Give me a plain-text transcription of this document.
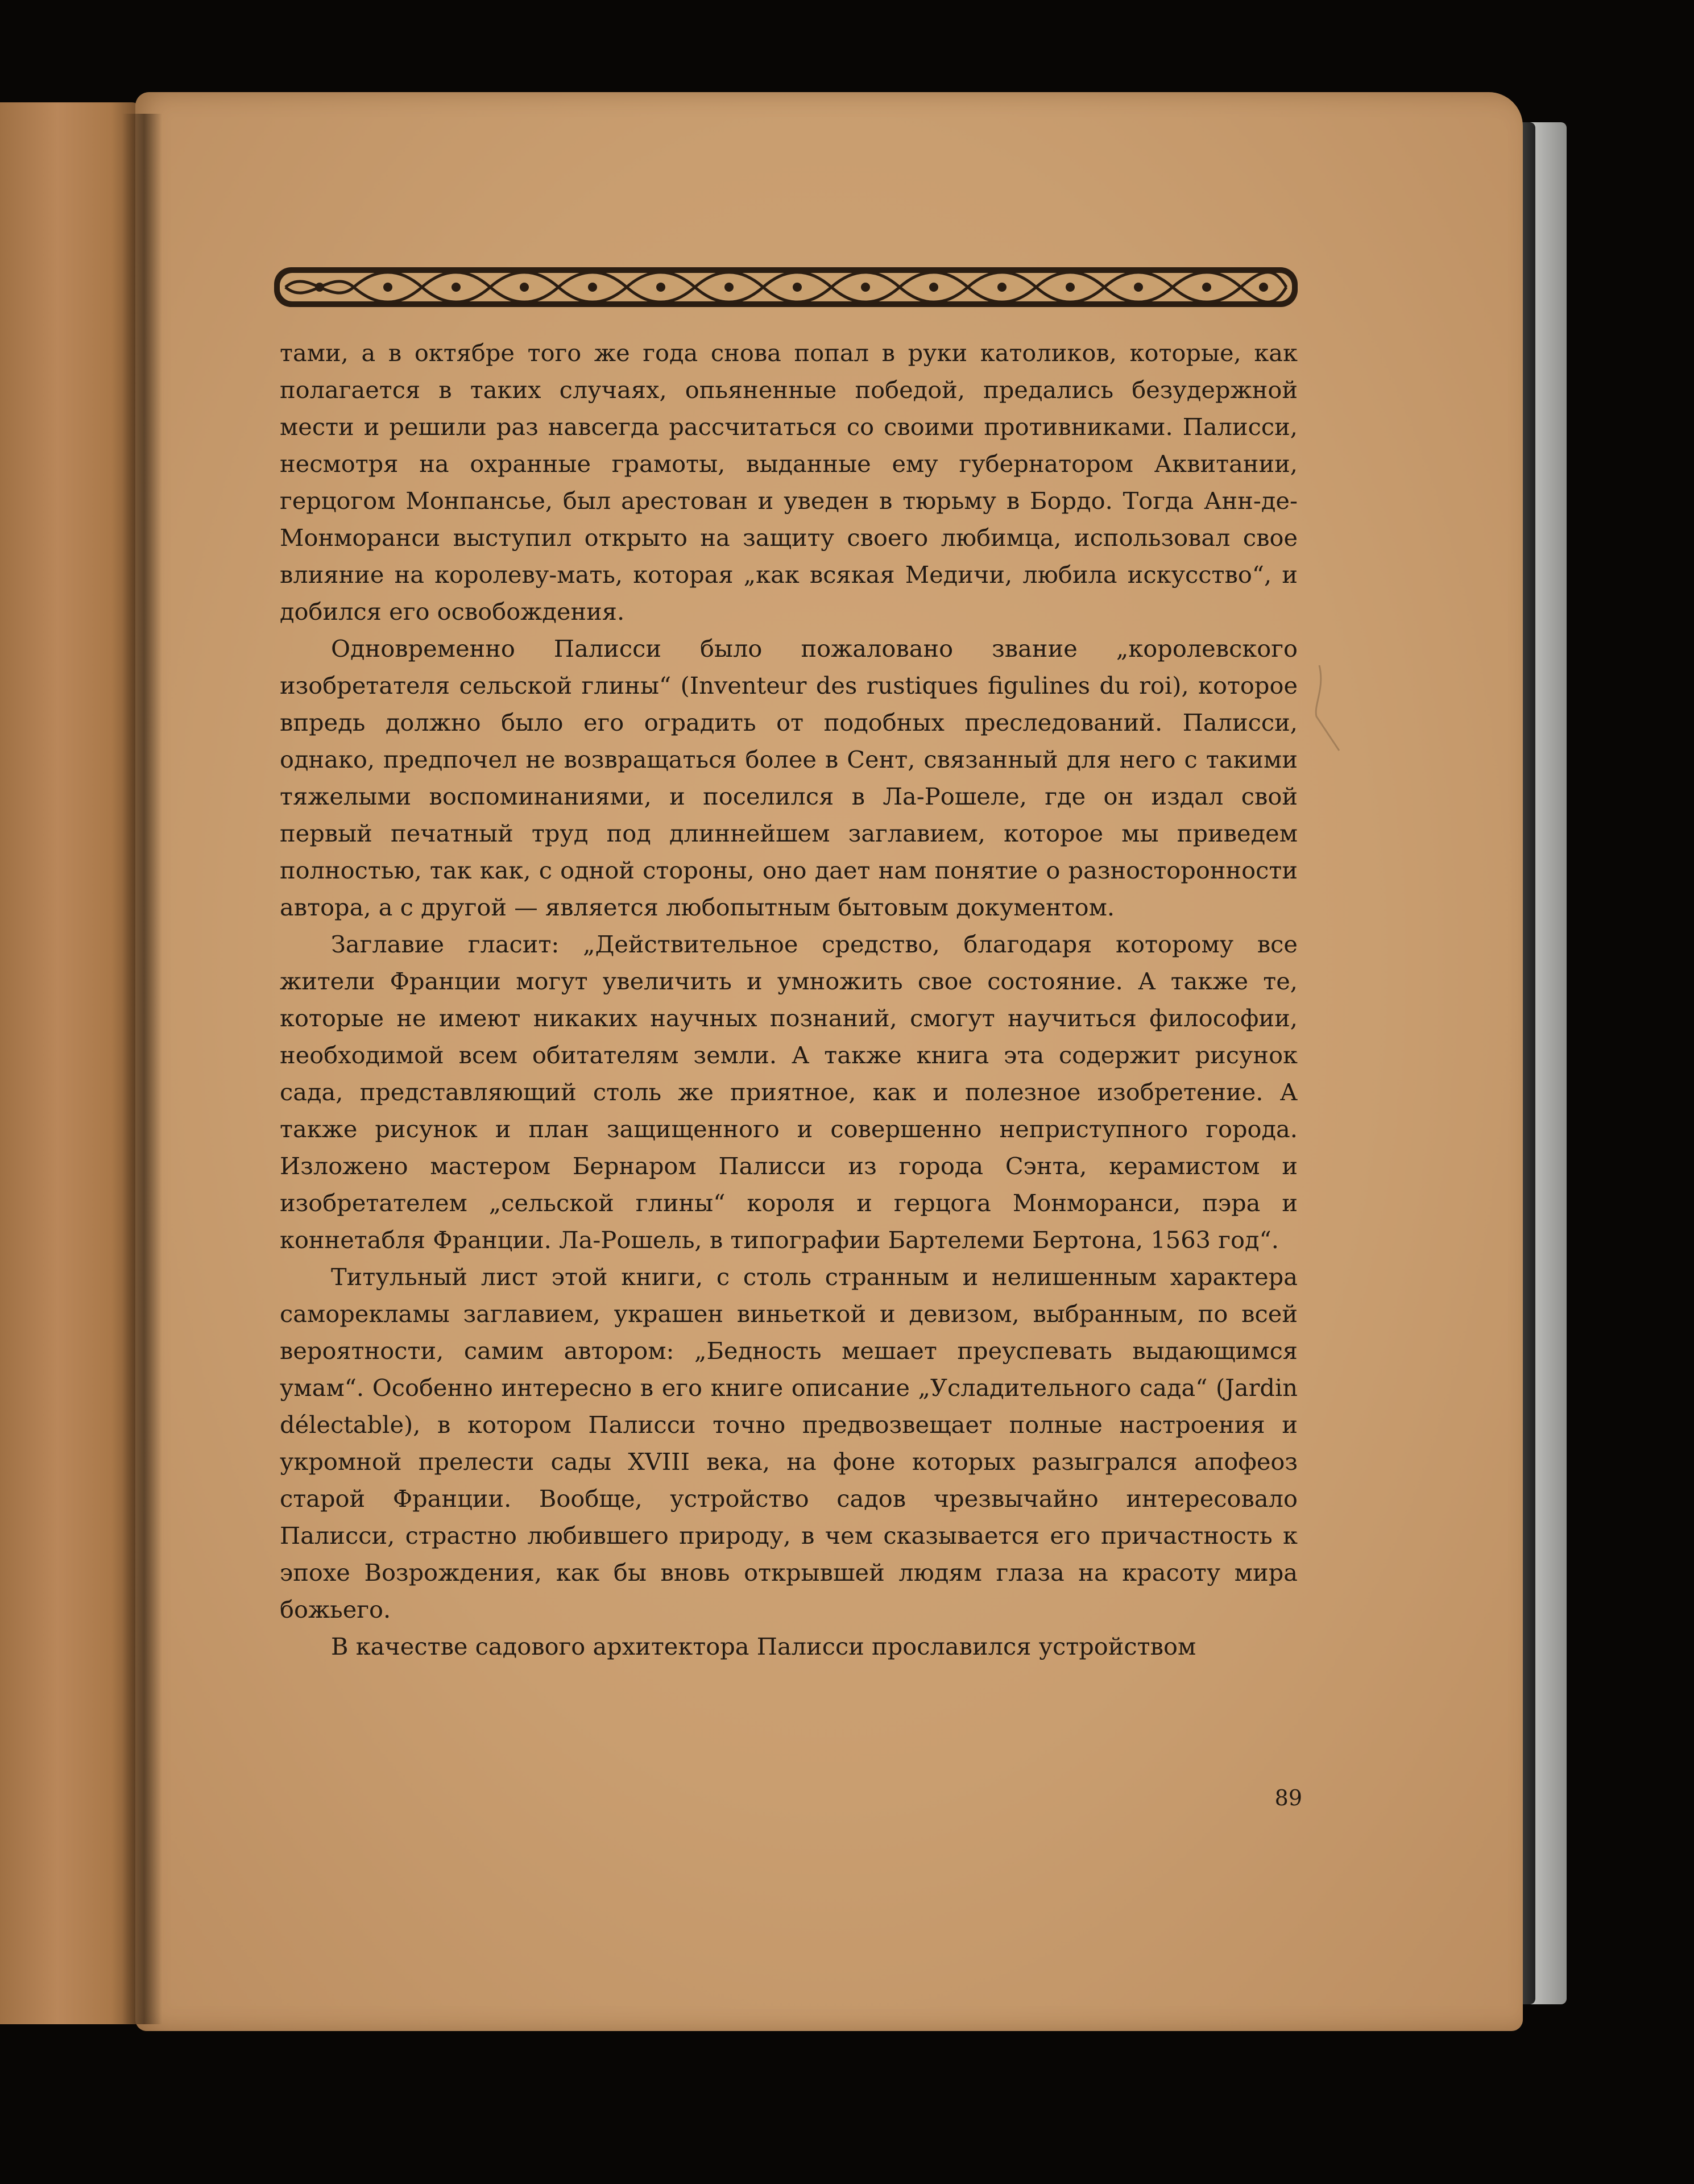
тами, а в октябре того же года снова попал в руки католиков, которые, как полагается в таких случаях, опьяненные победой, предались безудержной мести и решили раз навсегда рассчитаться со своими противниками. Палисси, несмотря на охранные грамоты, выданные ему губернатором Аквитании, герцогом Монпансье, был арестован и уведен в тюрьму в Бордо. Тогда Анн-де-Монморанси выступил открыто на защиту своего любимца, использовал свое влияние на королеву-мать, которая „как всякая Медичи, любила искусство“, и добился его освобождения.

Одновременно Палисси было пожаловано звание „королевского изобретателя сельской глины“ (Inventeur des rustiques figulines du roi), которое впредь должно было его оградить от подобных преследований. Палисси, однако, предпочел не возвращаться более в Сент, связанный для него с такими тяжелыми воспоминаниями, и поселился в Ла-Рошеле, где он издал свой первый печатный труд под длиннейшем заглавием, которое мы приведем полностью, так как, с одной стороны, оно дает нам понятие о разносторонности автора, а с другой — является любопытным бытовым документом.

Заглавие гласит: „Действительное средство, благодаря которому все жители Франции могут увеличить и умножить свое состояние. А также те, которые не имеют никаких научных познаний, смогут научиться философии, необходимой всем обитателям земли. А также книга эта содержит рисунок сада, представляющий столь же приятное, как и полезное изобретение. А также рисунок и план защищенного и совершенно неприступного города. Изложено мастером Бернаром Палисси из города Сэнта, керамистом и изобретателем „сельской глины“ короля и герцога Монморанси, пэра и коннетабля Франции. Ла-Рошель, в типографии Бартелеми Бертона, 1563 год“.

Титульный лист этой книги, с столь странным и нелишенным характера саморекламы заглавием, украшен виньеткой и девизом, выбранным, по всей вероятности, самим автором: „Бедность мешает преуспевать выдающимся умам“. Особенно интересно в его книге описание „Усладительного сада“ (Jardin délectable), в котором Палисси точно предвозвещает полные настроения и укромной прелести сады XVIII века, на фоне которых разыгрался апофеоз старой Франции. Вообще, устройство садов чрезвычайно интересовало Палисси, страстно любившего природу, в чем сказывается его причастность к эпохе Возрождения, как бы вновь открывшей людям глаза на красоту мира божьего.

В качестве садового архитектора Палисси прославился устройством

89
